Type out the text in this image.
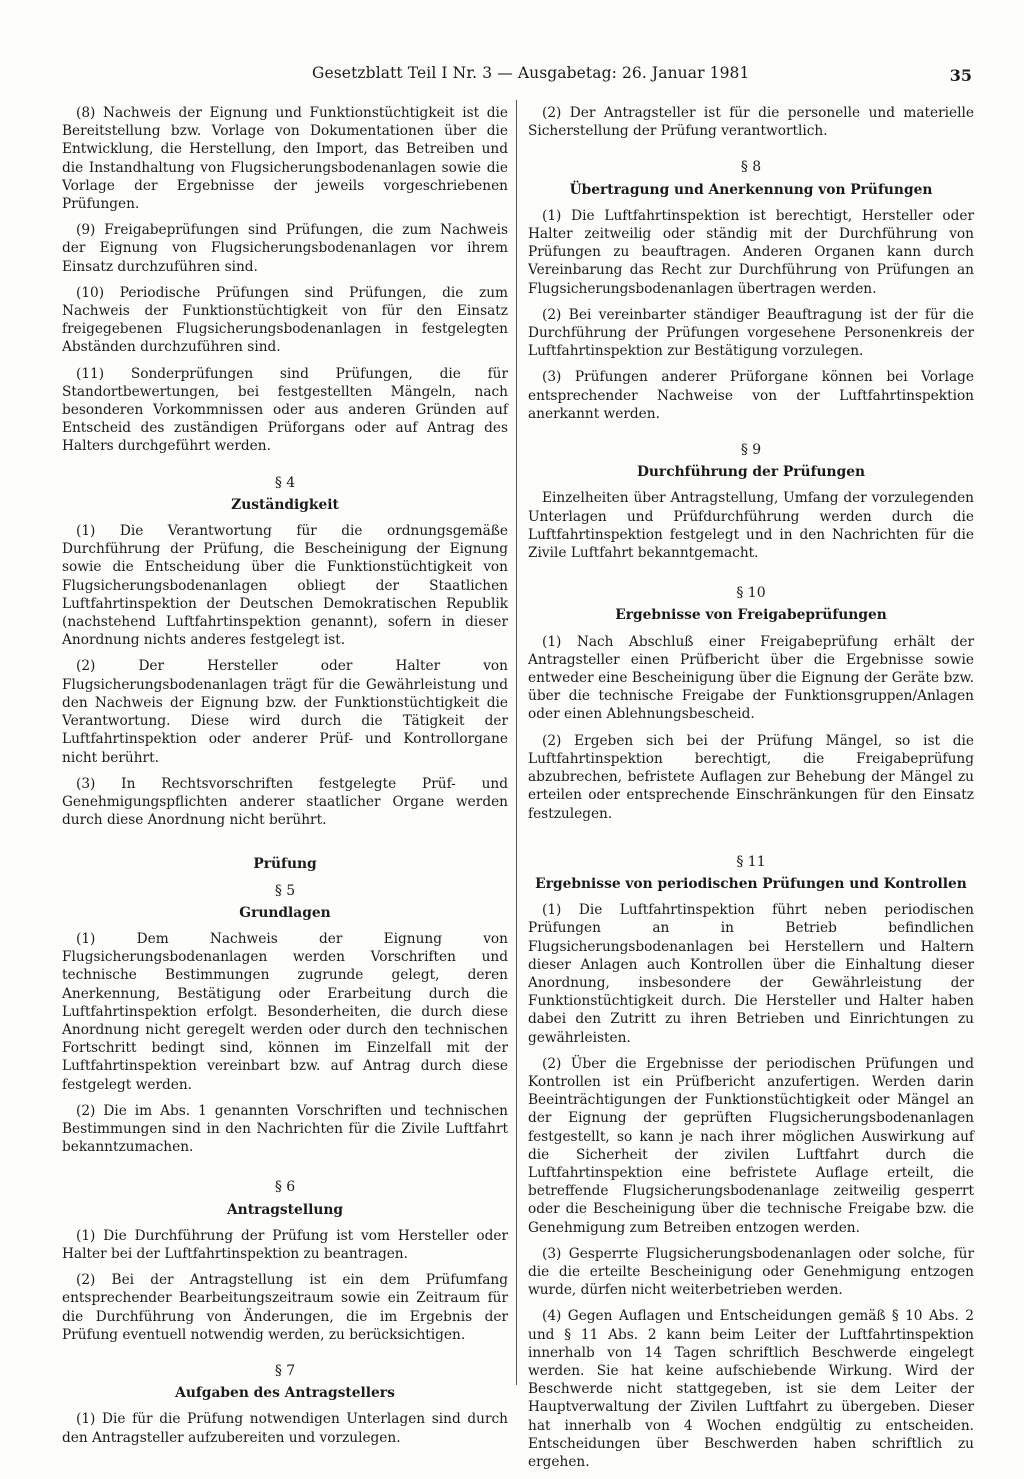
Gesetzblatt Teil I Nr. 3 — Ausgabetag: 26. Januar 1981	35

(8) Nachweis der Eignung und Funktionstüchtigkeit ist die Bereitstellung bzw. Vorlage von Dokumentationen über die Entwicklung, die Herstellung, den Import, das Betreiben und die Instandhaltung von Flugsicherungsbodenanlagen sowie die Vorlage der Ergebnisse der jeweils vorgeschriebenen Prüfungen.

(9) Freigabeprüfungen sind Prüfungen, die zum Nachweis der Eignung von Flugsicherungsbodenanlagen vor ihrem Einsatz durchzuführen sind.

(10) Periodische Prüfungen sind Prüfungen, die zum Nachweis der Funktionstüchtigkeit von für den Einsatz freigegebenen Flugsicherungsbodenanlagen in festgelegten Abständen durchzuführen sind.

(11) Sonderprüfungen sind Prüfungen, die für Standortbewertungen, bei festgestellten Mängeln, nach besonderen Vorkommnissen oder aus anderen Gründen auf Entscheid des zuständigen Prüforgans oder auf Antrag des Halters durchgeführt werden.

§ 4
Zuständigkeit

(1) Die Verantwortung für die ordnungsgemäße Durchführung der Prüfung, die Bescheinigung der Eignung sowie die Entscheidung über die Funktionstüchtigkeit von Flugsicherungsbodenanlagen obliegt der Staatlichen Luftfahrtinspektion der Deutschen Demokratischen Republik (nachstehend Luftfahrtinspektion genannt), sofern in dieser Anordnung nichts anderes festgelegt ist.

(2) Der Hersteller oder Halter von Flugsicherungsbodenanlagen trägt für die Gewährleistung und den Nachweis der Eignung bzw. der Funktionstüchtigkeit die Verantwortung. Diese wird durch die Tätigkeit der Luftfahrtinspektion oder anderer Prüf- und Kontrollorgane nicht berührt.

(3) In Rechtsvorschriften festgelegte Prüf- und Genehmigungspflichten anderer staatlicher Organe werden durch diese Anordnung nicht berührt.

Prüfung
§ 5
Grundlagen

(1) Dem Nachweis der Eignung von Flugsicherungsbodenanlagen werden Vorschriften und technische Bestimmungen zugrunde gelegt, deren Anerkennung, Bestätigung oder Erarbeitung durch die Luftfahrtinspektion erfolgt. Besonderheiten, die durch diese Anordnung nicht geregelt werden oder durch den technischen Fortschritt bedingt sind, können im Einzelfall mit der Luftfahrtinspektion vereinbart bzw. auf Antrag durch diese festgelegt werden.

(2) Die im Abs. 1 genannten Vorschriften und technischen Bestimmungen sind in den Nachrichten für die Zivile Luftfahrt bekanntzumachen.

§ 6
Antragstellung

(1) Die Durchführung der Prüfung ist vom Hersteller oder Halter bei der Luftfahrtinspektion zu beantragen.

(2) Bei der Antragstellung ist ein dem Prüfumfang entsprechender Bearbeitungszeitraum sowie ein Zeitraum für die Durchführung von Änderungen, die im Ergebnis der Prüfung eventuell notwendig werden, zu berücksichtigen.

§ 7
Aufgaben des Antragstellers

(1) Die für die Prüfung notwendigen Unterlagen sind durch den Antragsteller aufzubereiten und vorzulegen.

(2) Der Antragsteller ist für die personelle und materielle Sicherstellung der Prüfung verantwortlich.

§ 8
Übertragung und Anerkennung von Prüfungen

(1) Die Luftfahrtinspektion ist berechtigt, Hersteller oder Halter zeitweilig oder ständig mit der Durchführung von Prüfungen zu beauftragen. Anderen Organen kann durch Vereinbarung das Recht zur Durchführung von Prüfungen an Flugsicherungsbodenanlagen übertragen werden.

(2) Bei vereinbarter ständiger Beauftragung ist der für die Durchführung der Prüfungen vorgesehene Personenkreis der Luftfahrtinspektion zur Bestätigung vorzulegen.

(3) Prüfungen anderer Prüforgane können bei Vorlage entsprechender Nachweise von der Luftfahrtinspektion anerkannt werden.

§ 9
Durchführung der Prüfungen

Einzelheiten über Antragstellung, Umfang der vorzulegenden Unterlagen und Prüfdurchführung werden durch die Luftfahrtinspektion festgelegt und in den Nachrichten für die Zivile Luftfahrt bekanntgemacht.

§ 10
Ergebnisse von Freigabeprüfungen

(1) Nach Abschluß einer Freigabeprüfung erhält der Antragsteller einen Prüfbericht über die Ergebnisse sowie entweder eine Bescheinigung über die Eignung der Geräte bzw. über die technische Freigabe der Funktionsgruppen/Anlagen oder einen Ablehnungsbescheid.

(2) Ergeben sich bei der Prüfung Mängel, so ist die Luftfahrtinspektion berechtigt, die Freigabeprüfung abzubrechen, befristete Auflagen zur Behebung der Mängel zu erteilen oder entsprechende Einschränkungen für den Einsatz festzulegen.

§ 11
Ergebnisse von periodischen Prüfungen und Kontrollen

(1) Die Luftfahrtinspektion führt neben periodischen Prüfungen an in Betrieb befindlichen Flugsicherungsbodenanlagen bei Herstellern und Haltern dieser Anlagen auch Kontrollen über die Einhaltung dieser Anordnung, insbesondere der Gewährleistung der Funktionstüchtigkeit durch. Die Hersteller und Halter haben dabei den Zutritt zu ihren Betrieben und Einrichtungen zu gewährleisten.

(2) Über die Ergebnisse der periodischen Prüfungen und Kontrollen ist ein Prüfbericht anzufertigen. Werden darin Beeinträchtigungen der Funktionstüchtigkeit oder Mängel an der Eignung der geprüften Flugsicherungsbodenanlagen festgestellt, so kann je nach ihrer möglichen Auswirkung auf die Sicherheit der zivilen Luftfahrt durch die Luftfahrtinspektion eine befristete Auflage erteilt, die betreffende Flugsicherungsbodenanlage zeitweilig gesperrt oder die Bescheinigung über die technische Freigabe bzw. die Genehmigung zum Betreiben entzogen werden.

(3) Gesperrte Flugsicherungsbodenanlagen oder solche, für die die erteilte Bescheinigung oder Genehmigung entzogen wurde, dürfen nicht weiterbetrieben werden.

(4) Gegen Auflagen und Entscheidungen gemäß § 10 Abs. 2 und § 11 Abs. 2 kann beim Leiter der Luftfahrtinspektion innerhalb von 14 Tagen schriftlich Beschwerde eingelegt werden. Sie hat keine aufschiebende Wirkung. Wird der Beschwerde nicht stattgegeben, ist sie dem Leiter der Hauptverwaltung der Zivilen Luftfahrt zu übergeben. Dieser hat innerhalb von 4 Wochen endgültig zu entscheiden. Entscheidungen über Beschwerden haben schriftlich zu ergehen.
